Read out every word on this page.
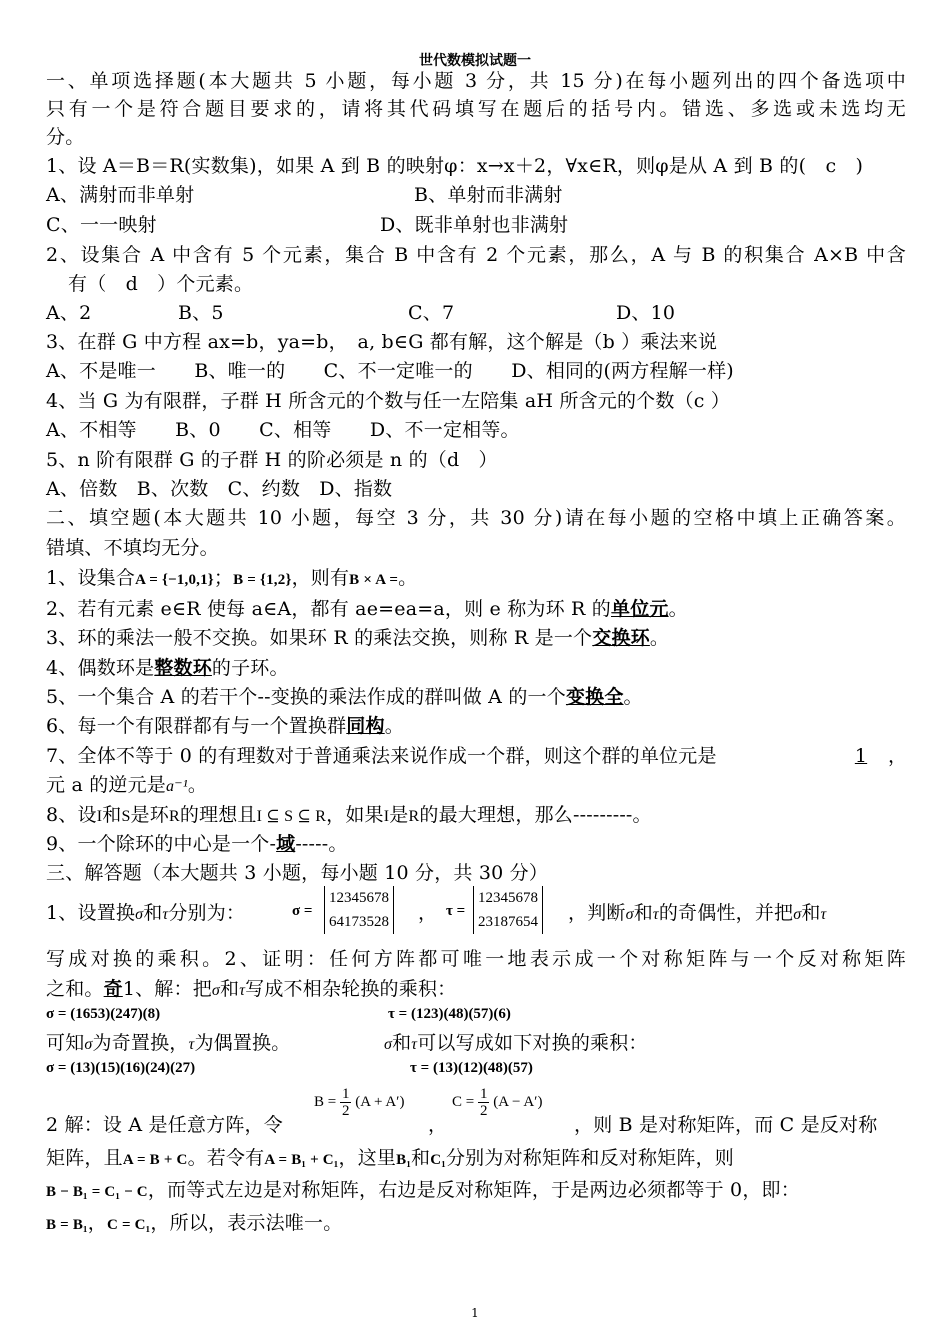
世代数模拟试题一
一、单项选择题(本大题共 5 小题，每小题 3 分，共 15 分)在每小题列出的四个备选项中
只有一个是符合题目要求的，请将其代码填写在题后的括号内。错选、多选或未选均无
分。
1、设 A＝B＝R(实数集)，如果 A 到 B 的映射φ：x→x＋2，∀x∈R，则φ是从 A 到 B 的(　c　)
A、满射而非单射	B、单射而非满射
C、一一映射	D、既非单射也非满射
2、设集合 A 中含有 5 个元素，集合 B 中含有 2 个元素，那么，A 与 B 的积集合 A×B 中含
有（　d　）个元素。
A、2	B、5	C、7	D、10
3、在群 G 中方程 ax=b，ya=b，　a, b∈G 都有解，这个解是（b ）乘法来说
A、不是唯一　　B、唯一的　　C、不一定唯一的　　D、相同的(两方程解一样)
4、当 G 为有限群，子群 H 所含元的个数与任一左陪集 aH 所含元的个数（c ）
A、不相等　　B、0　　C、相等　　D、不一定相等。
5、n 阶有限群 G 的子群 H 的阶必须是 n 的（d　）
A、倍数　B、次数　C、约数　D、指数
二、填空题(本大题共 10 小题，每空 3 分，共 30 分)请在每小题的空格中填上正确答案。
错填、不填均无分。
1、设集合A = {−1,0,1}；B = {1,2}，则有B × A =。
2、若有元素 e∈R 使每 a∈A，都有 ae=ea=a，则 e 称为环 R 的单位元。
3、环的乘法一般不交换。如果环 R 的乘法交换，则称 R 是一个交换环。
4、偶数环是整数环的子环。
5、一个集合 A 的若干个--变换的乘法作成的群叫做 A 的一个变换全。
6、每一个有限群都有与一个置换群同构。
7、全体不等于 0 的有理数对于普通乘法来说作成一个群，则这个群的单位元是	1	，
元 a 的逆元是a⁻¹。
8、设I和S是环R的理想且I ⊆ S ⊆ R，如果I是R的最大理想，那么---------。
9、一个除环的中心是一个-域-----。
三、解答题（本大题共 3 小题，每小题 10 分，共 30 分）
1、设置换σ和τ分别为：	σ =
12345678
64173528 ， τ =
12345678
23187654 ，判断σ和τ的奇偶性，并把σ和τ
写成对换的乘积。2、证明：任何方阵都可唯一地表示成一个对称矩阵与一个反对称矩阵
之和。奇1、解：把σ和τ写成不相杂轮换的乘积：
σ = (1653)(247)(8)	τ = (123)(48)(57)(6)
可知σ为奇置换，τ为偶置换。	σ和τ可以写成如下对换的乘积：
σ = (13)(15)(16)(24)(27)	τ = (13)(12)(48)(57)
2 解：设 A 是任意方阵，令
$B = \frac{1}{2} (A + A')$
，
$C = \frac{1}{2} (A - A')$
，则 B 是对称矩阵，而 C 是反对称
矩阵，且A = B + C。若令有A = B₁ + C₁，这里B₁和C₁分别为对称矩阵和反对称矩阵，则
B − B₁ = C₁ − C，而等式左边是对称矩阵，右边是反对称矩阵，于是两边必须都等于 0，即：
B = B₁，C = C₁，所以，表示法唯一。
1
